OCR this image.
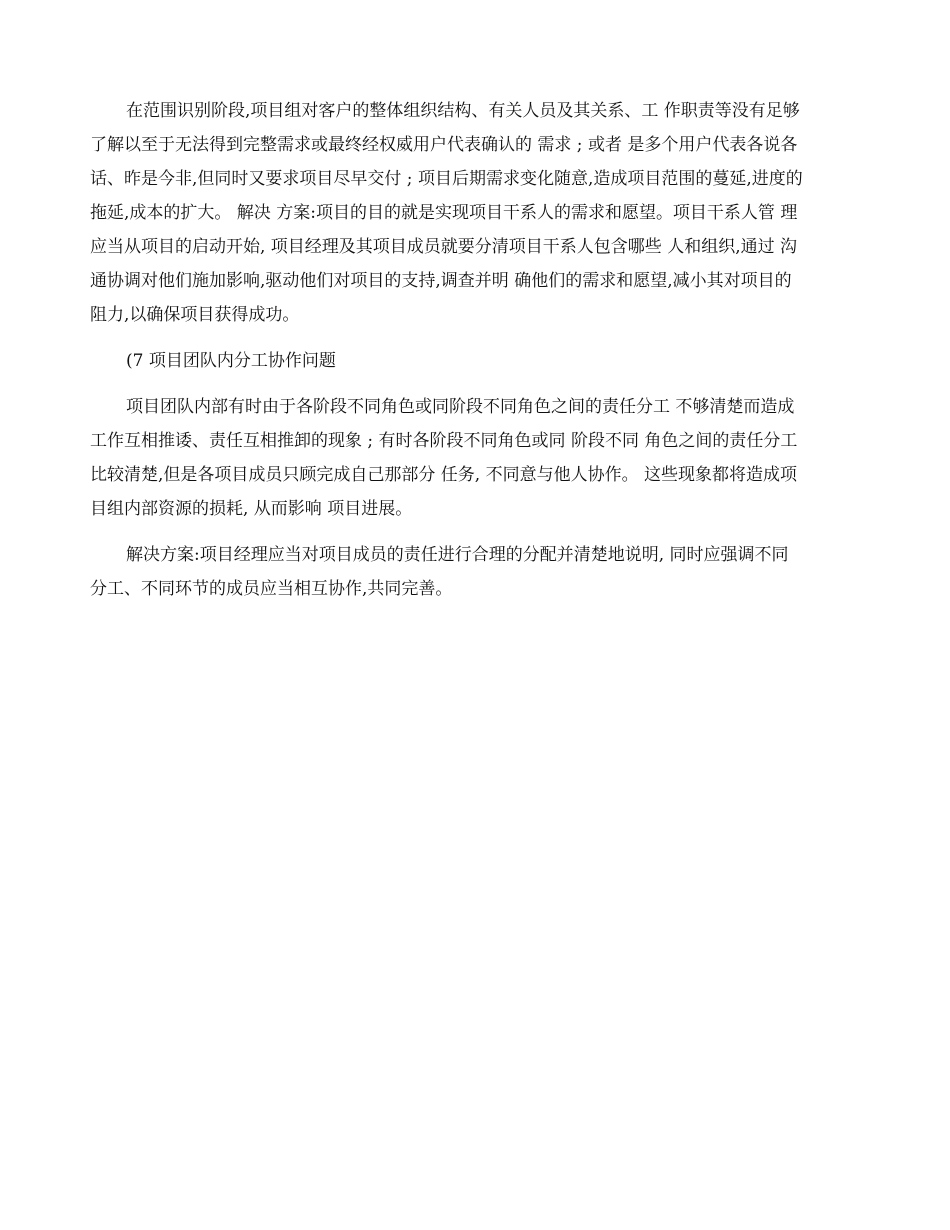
在范围识别阶段,项目组对客户的整体组织结构、有关人员及其关系、工 作职责等没有足够
了解以至于无法得到完整需求或最终经权威用户代表确认的 需求 ; 或者 是多个用户代表各说各
话、昨是今非,但同时又要求项目尽早交付 ; 项目后期需求变化随意,造成项目范围的蔓延,进度的
拖延,成本的扩大。 解决 方案:项目的目的就是实现项目干系人的需求和愿望。项目干系人管 理
应当从项目的启动开始, 项目经理及其项目成员就要分清项目干系人包含哪些 人和组织,通过 沟
通协调对他们施加影响,驱动他们对项目的支持,调查并明 确他们的需求和愿望,减小其对项目的
阻力,以确保项目获得成功。
(7 项目团队内分工协作问题
项目团队内部有时由于各阶段不同角色或同阶段不同角色之间的责任分工 不够清楚而造成
工作互相推诿、责任互相推卸的现象 ; 有时各阶段不同角色或同 阶段不同 角色之间的责任分工
比较清楚,但是各项目成员只顾完成自己那部分 任务, 不同意与他人协作。 这些现象都将造成项
目组内部资源的损耗, 从而影响 项目进展。
解决方案:项目经理应当对项目成员的责任进行合理的分配并清楚地说明, 同时应强调不同
分工、不同环节的成员应当相互协作,共同完善。
